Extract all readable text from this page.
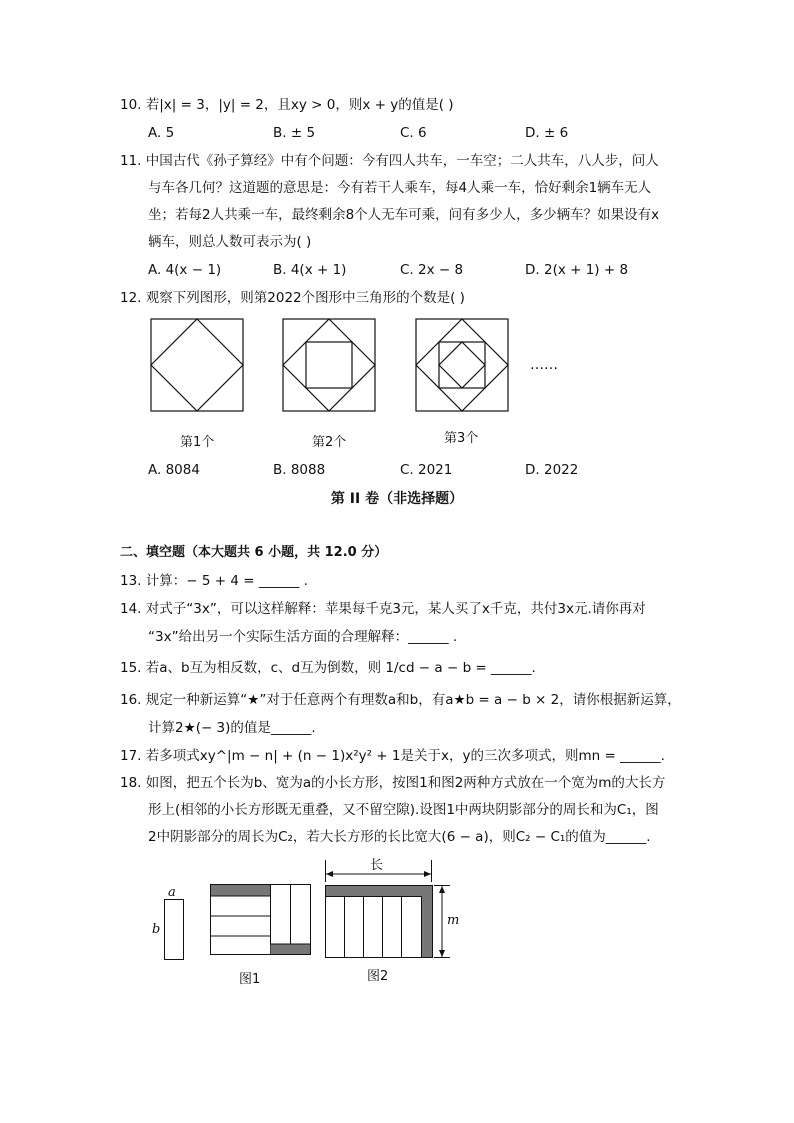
10. 若|x| = 3，|y| = 2，且xy > 0，则x + y的值是( )
A. 5	B. ± 5	C. 6	D. ± 6
11. 中国古代《孙子算经》中有个问题：今有四人共车，一车空；二人共车，八人步，问人
与车各几何？这道题的意思是：今有若干人乘车，每4人乘一车，恰好剩余1辆车无人
坐；若每2人共乘一车，最终剩余8个人无车可乘，问有多少人，多少辆车？如果设有x
辆车，则总人数可表示为( )
A. 4(x − 1)	B. 4(x + 1)	C. 2x − 8	D. 2(x + 1) + 8
12. 观察下列图形，则第2022个图形中三角形的个数是( )
……
第1个	第2个	第3个
A. 8084	B. 8088	C. 2021	D. 2022
第 II 卷（非选择题）
二、填空题（本大题共 6 小题，共 12.0 分）
13. 计算：− 5 + 4 = ______ .
14. 对式子“3x”，可以这样解释：苹果每千克3元，某人买了x千克，共付3x元.请你再对
“3x”给出另一个实际生活方面的合理解释：______ .
15. 若a、b互为相反数，c、d互为倒数，则 1/cd − a − b = ______.
16. 规定一种新运算“★”对于任意两个有理数a和b，有a★b = a − b × 2，请你根据新运算，
计算2★(− 3)的值是______.
17. 若多项式xy^|m − n| + (n − 1)x²y² + 1是关于x，y的三次多项式，则mn = ______.
18. 如图，把五个长为b、宽为a的小长方形，按图1和图2两种方式放在一个宽为m的大长方
形上(相邻的小长方形既无重叠，又不留空隙).设图1中两块阴影部分的周长和为C₁，图
2中阴影部分的周长为C₂，若大长方形的长比宽大(6 − a)，则C₂ − C₁的值为______.
a
b
图1
长
m
图2
